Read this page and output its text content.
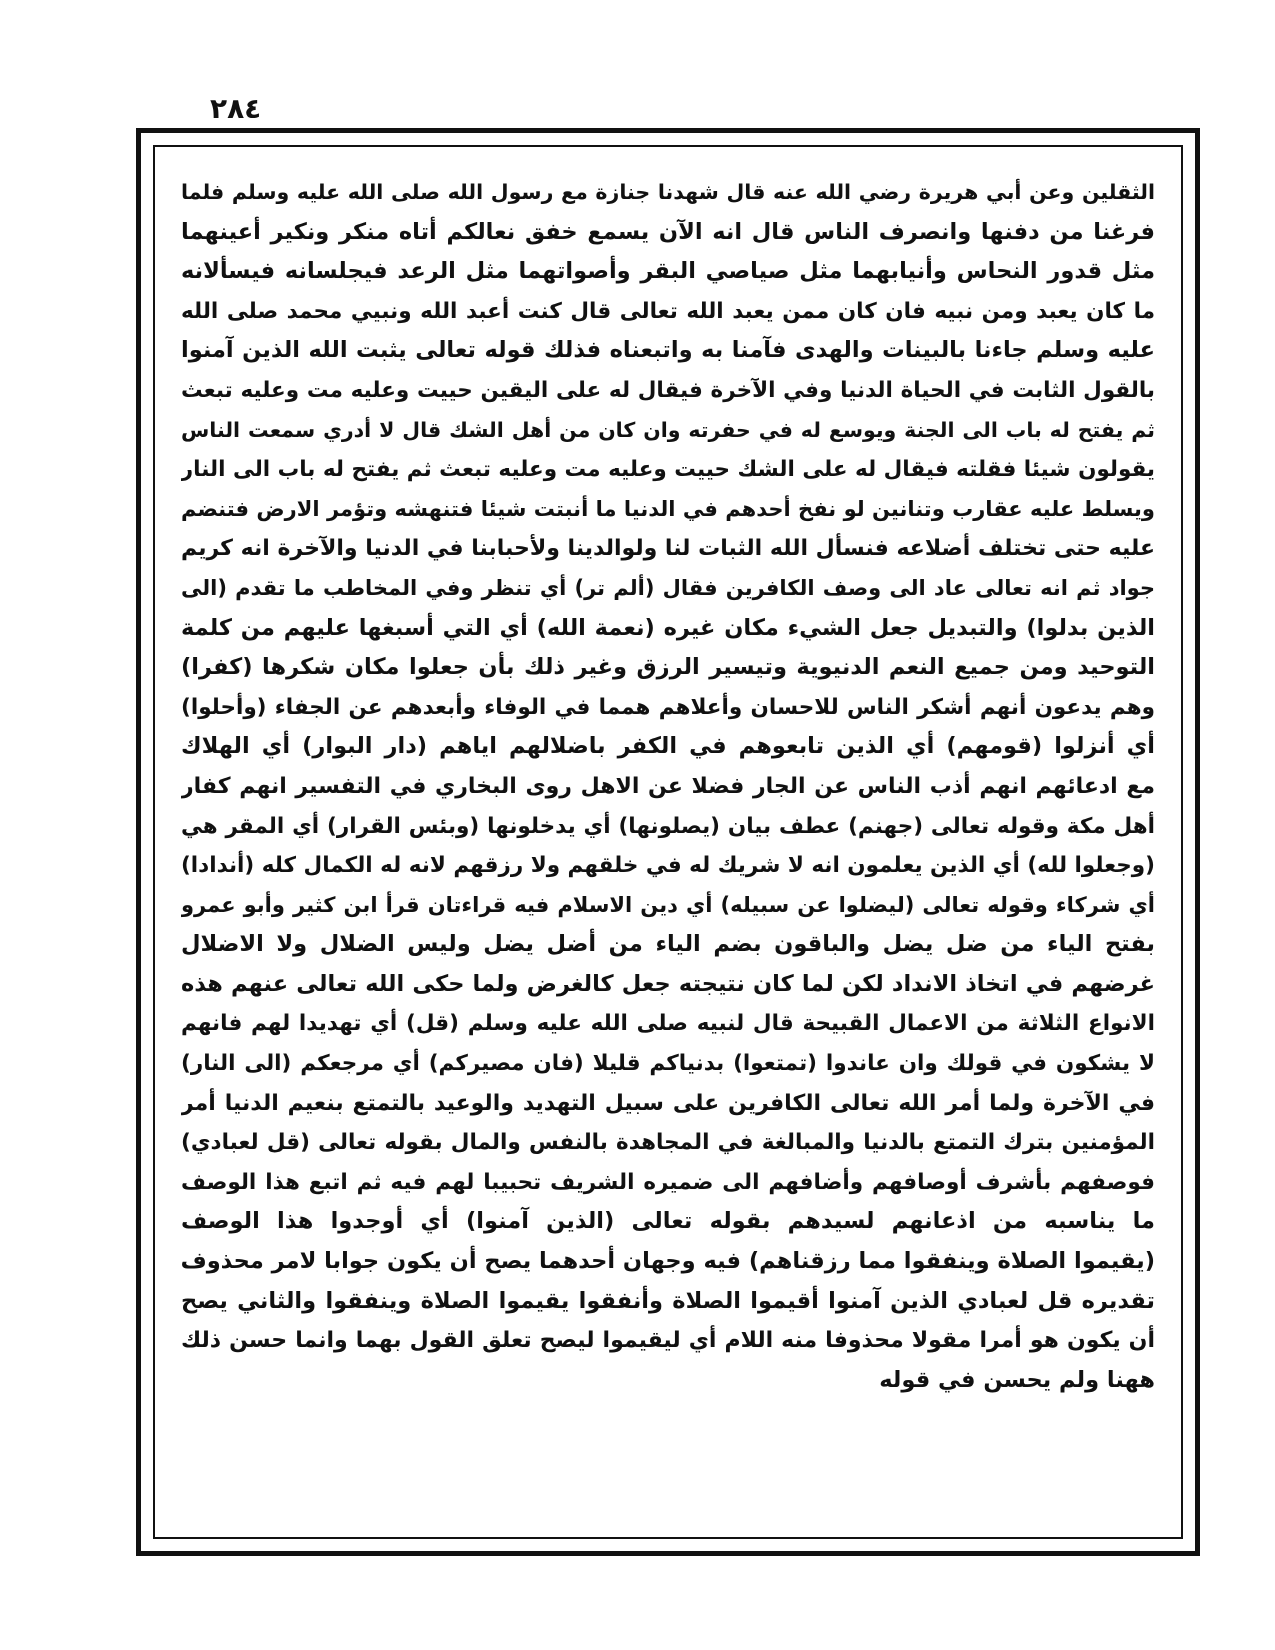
٢٨٤
الثقلين وعن أبي هريرة رضي الله عنه قال شهدنا جنازة مع رسول الله صلى الله عليه وسلم فلما
فرغنا من دفنها وانصرف الناس قال انه الآن يسمع خفق نعالكم أتاه منكر ونكير أعينهما
مثل قدور النحاس وأنيابهما مثل صياصي البقر وأصواتهما مثل الرعد فيجلسانه فيسألانه
ما كان يعبد ومن نبيه فان كان ممن يعبد الله تعالى قال كنت أعبد الله ونبيي محمد صلى الله
عليه وسلم جاءنا بالبينات والهدى فآمنا به واتبعناه فذلك قوله تعالى يثبت الله الذين آمنوا
بالقول الثابت في الحياة الدنيا وفي الآخرة فيقال له على اليقين حييت وعليه مت وعليه تبعث
ثم يفتح له باب الى الجنة ويوسع له في حفرته وان كان من أهل الشك قال لا أدري سمعت الناس
يقولون شيئا فقلته فيقال له على الشك حييت وعليه مت وعليه تبعث ثم يفتح له باب الى النار
ويسلط عليه عقارب وتنانين لو نفخ أحدهم في الدنيا ما أنبتت شيئا فتنهشه وتؤمر الارض فتنضم
عليه حتى تختلف أضلاعه فنسأل الله الثبات لنا ولوالدينا ولأحبابنا في الدنيا والآخرة انه كريم
جواد ثم انه تعالى عاد الى وصف الكافرين فقال (ألم تر) أي تنظر وفي المخاطب ما تقدم (الى
الذين بدلوا) والتبديل جعل الشيء مكان غيره (نعمة الله) أي التي أسبغها عليهم من كلمة
التوحيد ومن جميع النعم الدنيوية وتيسير الرزق وغير ذلك بأن جعلوا مكان شكرها (كفرا)
وهم يدعون أنهم أشكر الناس للاحسان وأعلاهم همما في الوفاء وأبعدهم عن الجفاء (وأحلوا)
أي أنزلوا (قومهم) أي الذين تابعوهم في الكفر باضلالهم اياهم (دار البوار) أي الهلاك
مع ادعائهم انهم أذب الناس عن الجار فضلا عن الاهل روى البخاري في التفسير انهم كفار
أهل مكة وقوله تعالى (جهنم) عطف بيان (يصلونها) أي يدخلونها (وبئس القرار) أي المقر هي
(وجعلوا لله) أي الذين يعلمون انه لا شريك له في خلقهم ولا رزقهم لانه له الكمال كله (أندادا)
أي شركاء وقوله تعالى (ليضلوا عن سبيله) أي دين الاسلام فيه قراءتان قرأ ابن كثير وأبو عمرو
بفتح الياء من ضل يضل والباقون بضم الياء من أضل يضل وليس الضلال ولا الاضلال
غرضهم في اتخاذ الانداد لكن لما كان نتيجته جعل كالغرض ولما حكى الله تعالى عنهم هذه
الانواع الثلاثة من الاعمال القبيحة قال لنبيه صلى الله عليه وسلم (قل) أي تهديدا لهم فانهم
لا يشكون في قولك وان عاندوا (تمتعوا) بدنياكم قليلا (فان مصيركم) أي مرجعكم (الى النار)
في الآخرة ولما أمر الله تعالى الكافرين على سبيل التهديد والوعيد بالتمتع بنعيم الدنيا أمر
المؤمنين بترك التمتع بالدنيا والمبالغة في المجاهدة بالنفس والمال بقوله تعالى (قل لعبادي)
فوصفهم بأشرف أوصافهم وأضافهم الى ضميره الشريف تحبيبا لهم فيه ثم اتبع هذا الوصف
ما يناسبه من اذعانهم لسيدهم بقوله تعالى (الذين آمنوا) أي أوجدوا هذا الوصف
(يقيموا الصلاة وينفقوا مما رزقناهم) فيه وجهان أحدهما يصح أن يكون جوابا لامر محذوف
تقديره قل لعبادي الذين آمنوا أقيموا الصلاة وأنفقوا يقيموا الصلاة وينفقوا والثاني يصح
أن يكون هو أمرا مقولا محذوفا منه اللام أي ليقيموا ليصح تعلق القول بهما وانما حسن ذلك
ههنا ولم يحسن في قوله
